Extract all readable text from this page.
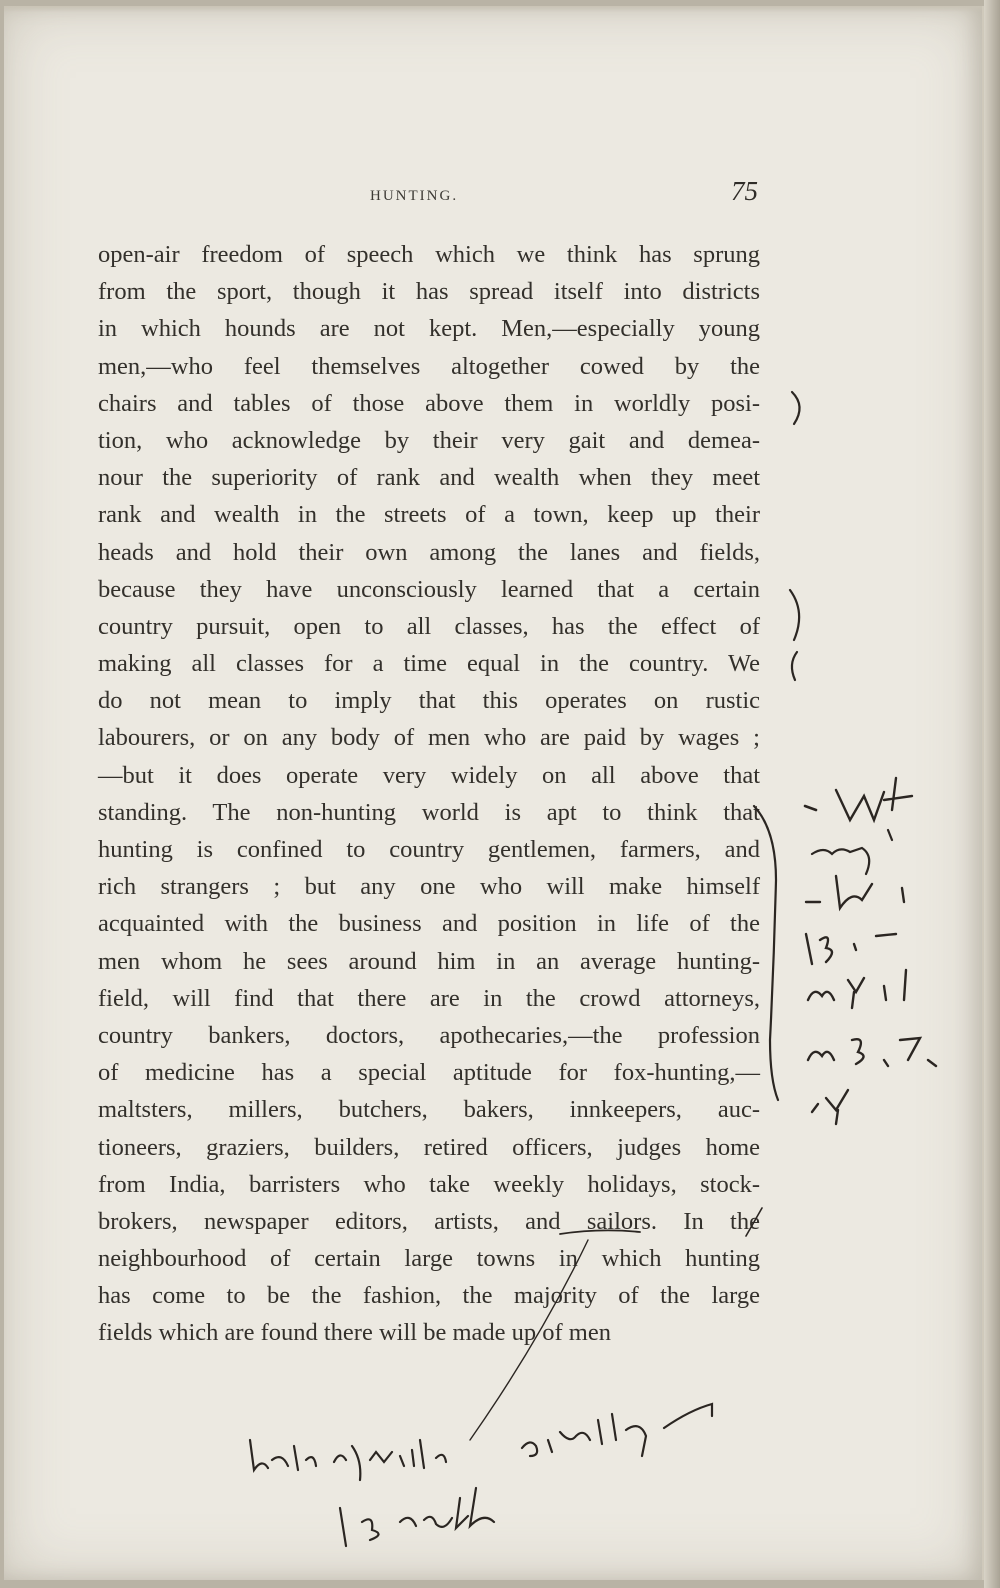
HUNTING.	75
open-air freedom of speech which we think has sprung
from the sport, though it has spread itself into districts
in which hounds are not kept. Men,—especially young
men,—who feel themselves altogether cowed by the
chairs and tables of those above them in worldly posi-
tion, who acknowledge by their very gait and demea-
nour the superiority of rank and wealth when they meet
rank and wealth in the streets of a town, keep up their
heads and hold their own among the lanes and fields,
because they have unconsciously learned that a certain
country pursuit, open to all classes, has the effect of
making all classes for a time equal in the country. We
do not mean to imply that this operates on rustic
labourers, or on any body of men who are paid by wages ;
—but it does operate very widely on all above that
standing. The non-hunting world is apt to think that
hunting is confined to country gentlemen, farmers, and
rich strangers ; but any one who will make himself
acquainted with the business and position in life of the
men whom he sees around him in an average hunting-
field, will find that there are in the crowd attorneys,
country bankers, doctors, apothecaries,—the profession
of medicine has a special aptitude for fox-hunting,—
maltsters, millers, butchers, bakers, innkeepers, auc-
tioneers, graziers, builders, retired officers, judges home
from India, barristers who take weekly holidays, stock-
brokers, newspaper editors, artists, and sailors. In the
neighbourhood of certain large towns in which hunting
has come to be the fashion, the majority of the large
fields which are found there will be made up of men
